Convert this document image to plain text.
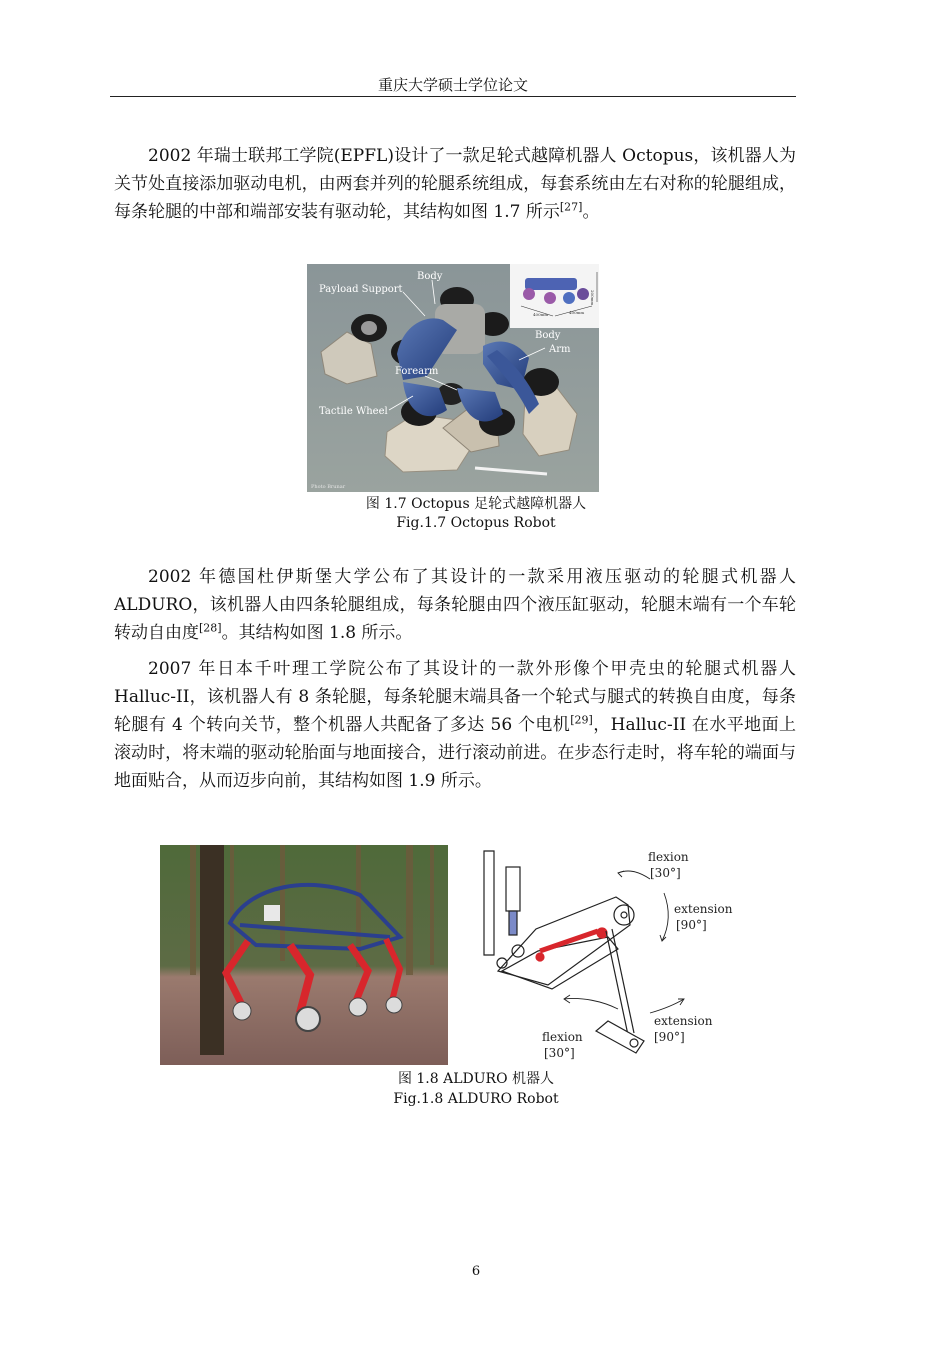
重庆大学硕士学位论文

2002 年瑞士联邦工学院(EPFL)设计了一款足轮式越障机器人 Octopus，该机器人为关节处直接添加驱动电机，由两套并列的轮腿系统组成，每套系统由左右对称的轮腿组成，每条轮腿的中部和端部安装有驱动轮，其结构如图 1.7 所示[27]。

400mm	400mm
200mm
Body
Payload Support
Body
Arm
Forearm
Tactile Wheel
Photo Brunar
图 1.7 Octopus 足轮式越障机器人
Fig.1.7 Octopus Robot

2002 年德国杜伊斯堡大学公布了其设计的一款采用液压驱动的轮腿式机器人 ALDURO，该机器人由四条轮腿组成，每条轮腿由四个液压缸驱动，轮腿末端有一个车轮转动自由度[28]。其结构如图 1.8 所示。

2007 年日本千叶理工学院公布了其设计的一款外形像个甲壳虫的轮腿式机器人 Halluc-II，该机器人有 8 条轮腿，每条轮腿末端具备一个轮式与腿式的转换自由度，每条轮腿有 4 个转向关节，整个机器人共配备了多达 56 个电机[29]，Halluc-II 在水平地面上滚动时，将末端的驱动轮胎面与地面接合，进行滚动前进。在步态行走时，将车轮的端面与地面贴合，从而迈步向前，其结构如图 1.9 所示。

flexion
[30°]
extension
[90°]
extension
[90°]
flexion
[30°]
图 1.8 ALDURO 机器人
Fig.1.8 ALDURO Robot
6
